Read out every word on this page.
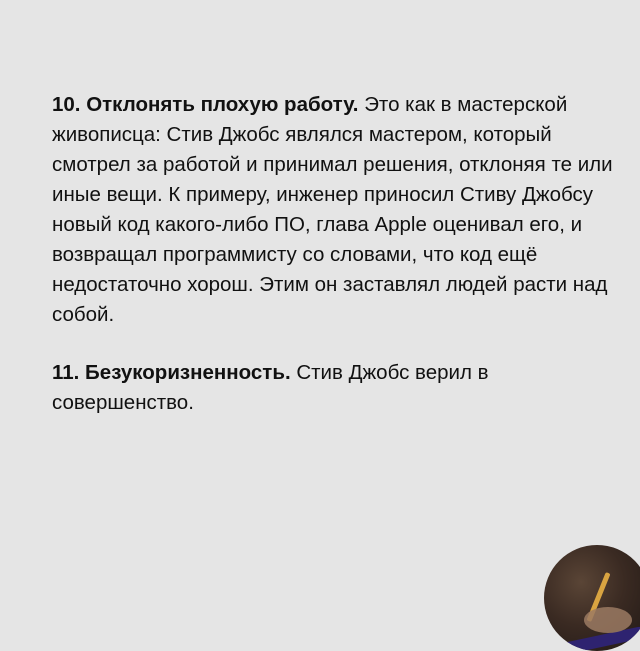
10. Отклонять плохую работу. Это как в мастерской живописца: Стив Джобс являлся мастером, который смотрел за работой и принимал решения, отклоняя те или иные вещи. К примеру, инженер приносил Стиву Джобсу новый код какого-либо ПО, глава Apple оценивал его, и возвращал программисту со словами, что код ещё недостаточно хорош. Этим он заставлял людей расти над собой.

11. Безукоризненность. Стив Джобс верил в совершенство.
